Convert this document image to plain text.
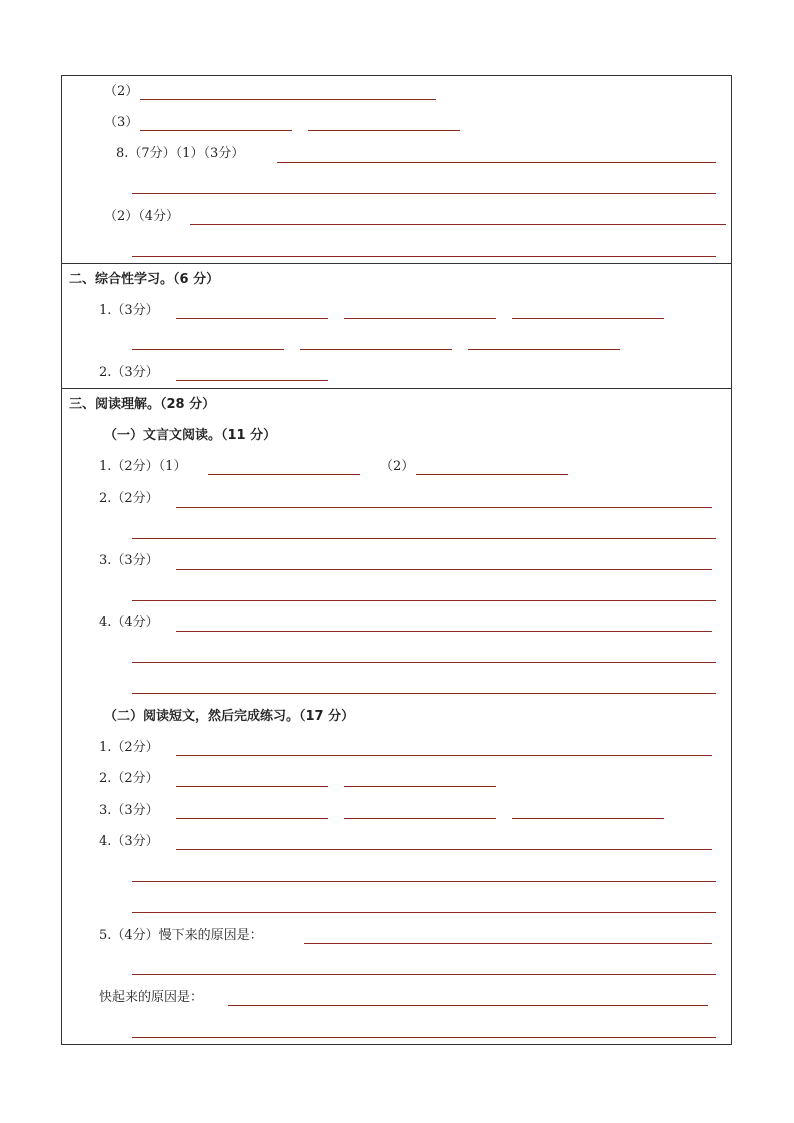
（2）
（3）
8.（7分）（1）（3分）
（2）（4分）
二、综合性学习。（6 分）
1.（3分）
2.（3分）
三、阅读理解。（28 分）
（一）文言文阅读。（11 分）
1.（2分）（1）	（2）
2.（2分）
3.（3分）
4.（4分）
（二）阅读短文，然后完成练习。（17 分）
1.（2分）
2.（2分）
3.（3分）
4.（3分）
5.（4分）慢下来的原因是：
快起来的原因是：
